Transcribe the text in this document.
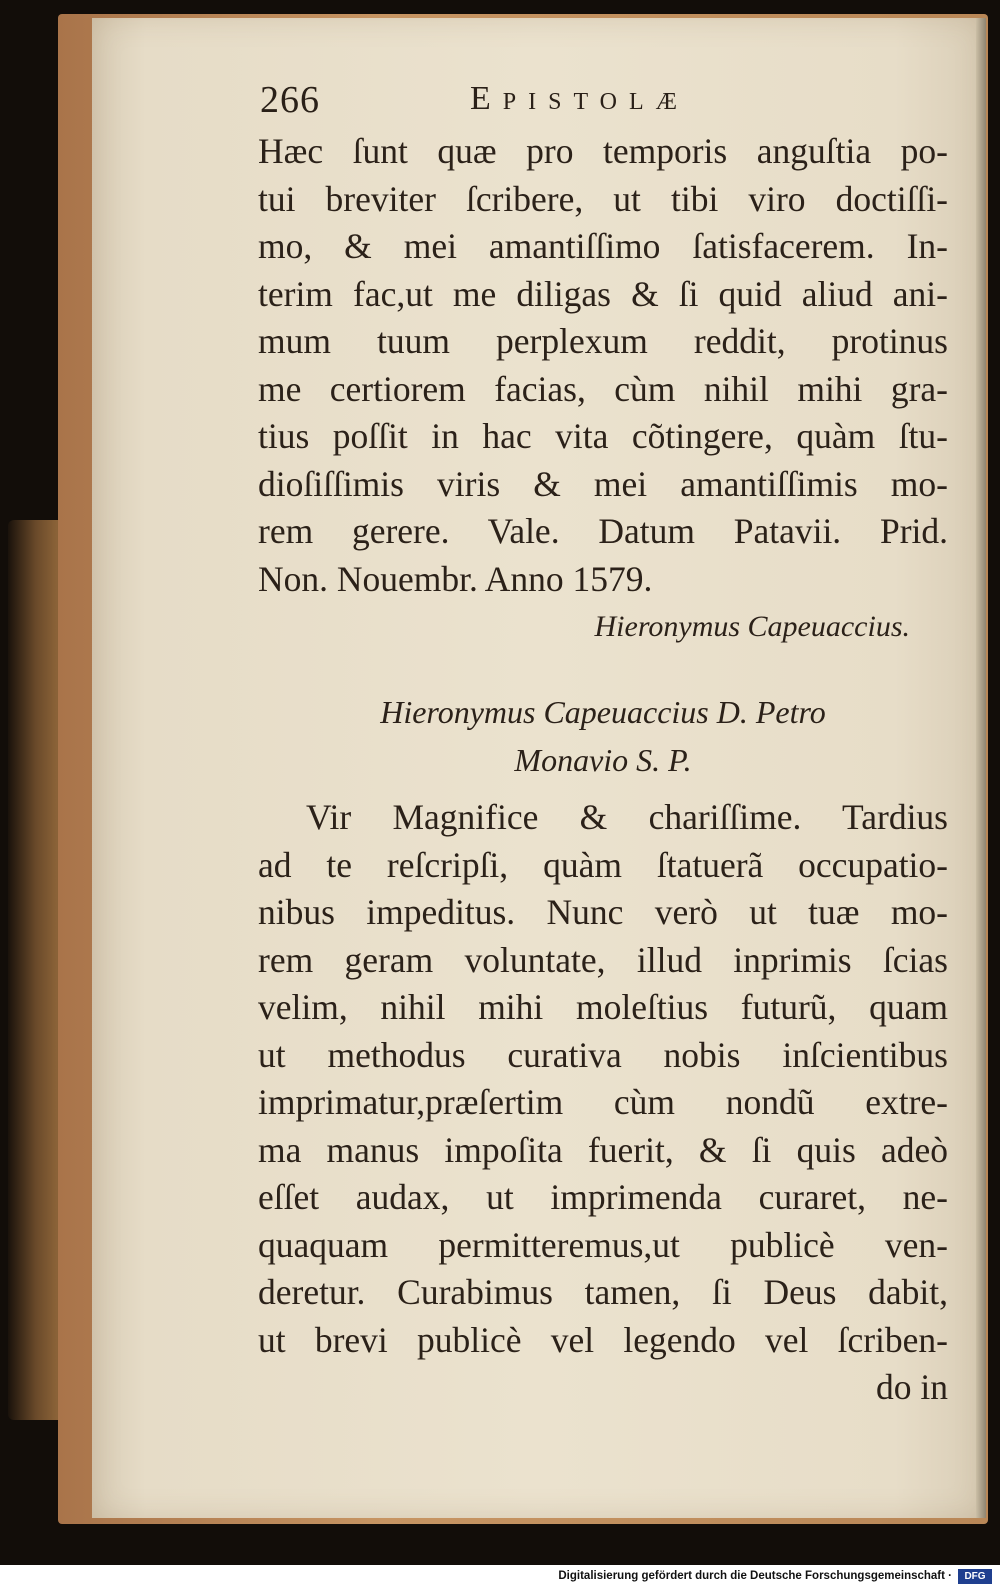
266	Epistolæ
Hæc ſunt quæ pro temporis anguſtia po-
tui breviter ſcribere, ut tibi viro doctiſſi-
mo, & mei amantiſſimo ſatisfacerem. In-
terim fac,ut me diligas & ſi quid aliud ani-
mum tuum perplexum reddit, protinus
me certiorem facias, cùm nihil mihi gra-
tius poſſit in hac vita cõtingere, quàm ſtu-
dioſiſſimis viris & mei amantiſſimis mo-
rem gerere. Vale. Datum Patavii. Prid.
Non. Nouembr. Anno 1579.
Hieronymus Capeuaccius.
Hieronymus Capeuaccius D. Petro
Monavio S. P.
Vir Magnifice & chariſſime. Tardius
ad te reſcripſi, quàm ſtatuerã occupatio-
nibus impeditus. Nunc verò ut tuæ mo-
rem geram voluntate, illud inprimis ſcias
velim, nihil mihi moleſtius futurũ, quam
ut methodus curativa nobis inſcientibus
imprimatur,præſertim cùm nondũ extre-
ma manus impoſita fuerit, & ſi quis adeò
eſſet audax, ut imprimenda curaret, ne-
quaquam permitteremus,ut publicè ven-
deretur. Curabimus tamen, ſi Deus dabit,
ut brevi publicè vel legendo vel ſcriben-
do in
Digitalisierung gefördert durch die Deutsche Forschungsgemeinschaft ·	DFG
